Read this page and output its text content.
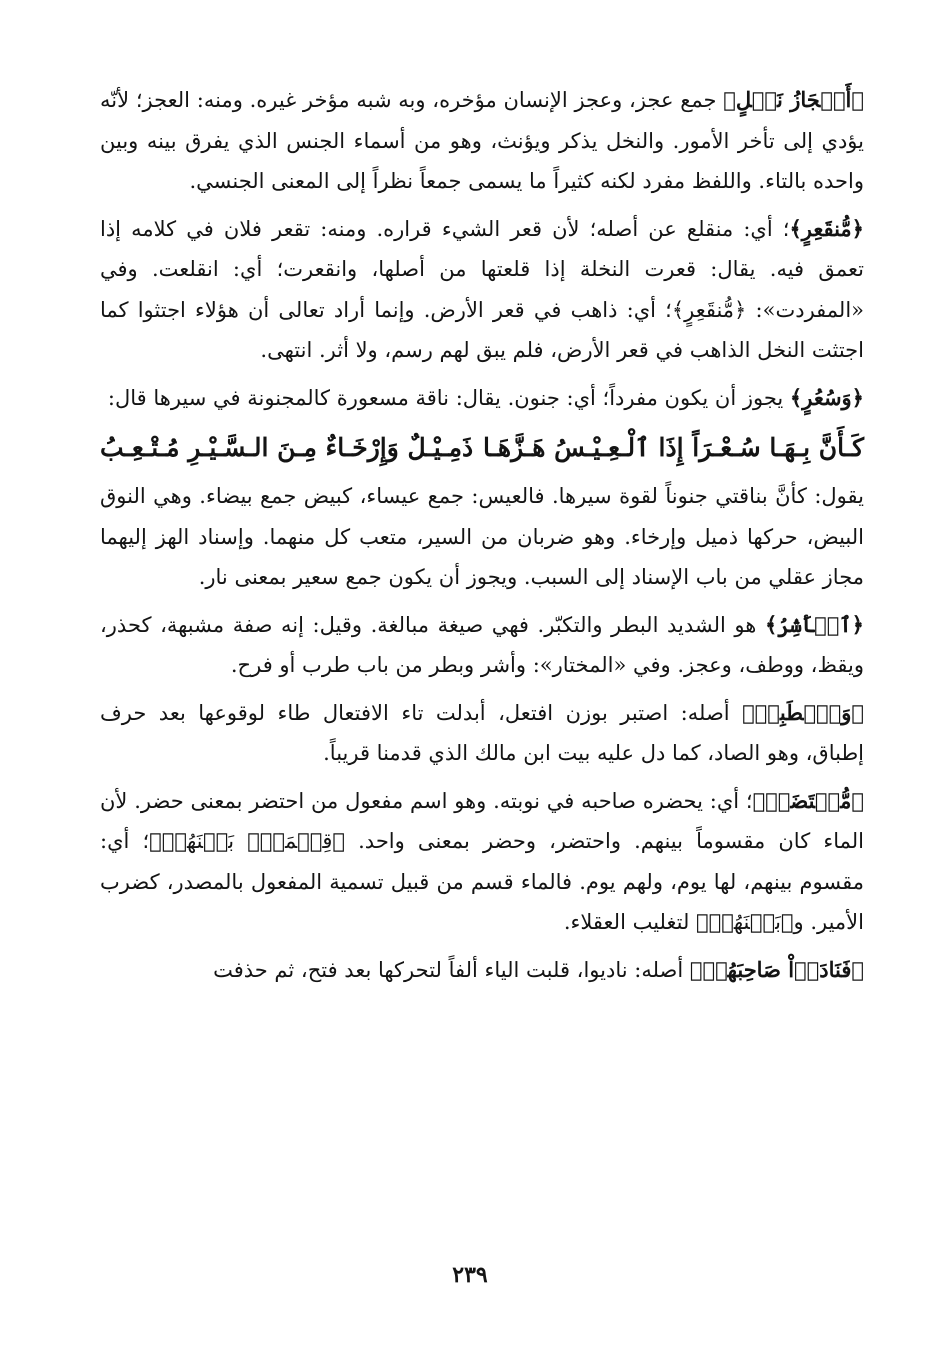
﴿أَعۡجَازُ نَخۡلٍ﴾ جمع عجز، وعجز الإنسان مؤخره، وبه شبه مؤخر غيره. ومنه: العجز؛ لأنّه يؤدي إلى تأخر الأمور. والنخل يذكر ويؤنث، وهو من أسماء الجنس الذي يفرق بينه وبين واحده بالتاء. واللفظ مفرد لكنه كثيراً ما يسمى جمعاً نظراً إلى المعنى الجنسي.

﴿مُّنقَعِرٍ﴾؛ أي: منقلع عن أصله؛ لأن قعر الشيء قراره. ومنه: تقعر فلان في كلامه إذا تعمق فيه. يقال: قعرت النخلة إذا قلعتها من أصلها، وانقعرت؛ أي: انقلعت. وفي «المفردت»: ﴿مُّنقَعِرٍ﴾؛ أي: ذاهب في قعر الأرض. وإنما أراد تعالى أن هؤلاء اجتثوا كما اجتثت النخل الذاهب في قعر الأرض، فلم يبق لهم رسم، ولا أثر. انتهى.

﴿وَسُعُرٍ﴾ يجوز أن يكون مفرداً؛ أي: جنون. يقال: ناقة مسعورة كالمجنونة في سيرها قال:

كَـأَنَّ بِـهَـا سُـعْـرَاً إِذَا ٱلْـعِـيْـسُ هَـزَّهَـا
ذَمِـيْـلٌ وَإِرْخَـاءٌ مِـنَ الـسَّـيْـرِ مُـتْـعِـبُ

يقول: كأنَّ بناقتي جنوناً لقوة سيرها. فالعيس: جمع عيساء، كبيض جمع بيضاء. وهي النوق البيض، حركها ذميل وإرخاء. وهو ضربان من السير، متعب كل منهما. وإسناد الهز إليهما مجاز عقلي من باب الإسناد إلى السبب. ويجوز أن يكون جمع سعير بمعنى نار.

﴿ٱلۡأَشِرُ﴾ هو الشديد البطر والتكبّر. فهي صيغة مبالغة. وقيل: إنه صفة مشبهة، كحذر، ويقظ، ووطف، وعجز. وفي «المختار»: وأشر وبطر من باب طرب أو فرح.

﴿وَٱصۡطَبِرۡ﴾ أصله: اصتبر بوزن افتعل، أبدلت تاء الافتعال طاء لوقوعها بعد حرف إطباق، وهو الصاد، كما دل عليه بيت ابن مالك الذي قدمنا قريباً.

﴿مُّحۡتَضَرٞ﴾؛ أي: يحضره صاحبه في نوبته. وهو اسم مفعول من احتضر بمعنى حضر. لأن الماء كان مقسوماً بينهم. واحتضر، وحضر بمعنى واحد. ﴿قِسۡمَةُۢ بَيۡنَهُمۡ﴾؛ أي: مقسوم بينهم، لها يوم، ولهم يوم. فالماء قسم من قبيل تسمية المفعول بالمصدر، كضرب الأمير. و﴿بَيۡنَهُمۡ﴾ لتغليب العقلاء.

﴿فَنَادَوۡاْ صَاحِبَهُمۡ﴾ أصله: ناديوا، قلبت الياء ألفاً لتحركها بعد فتح، ثم حذفت

٢٣٩
